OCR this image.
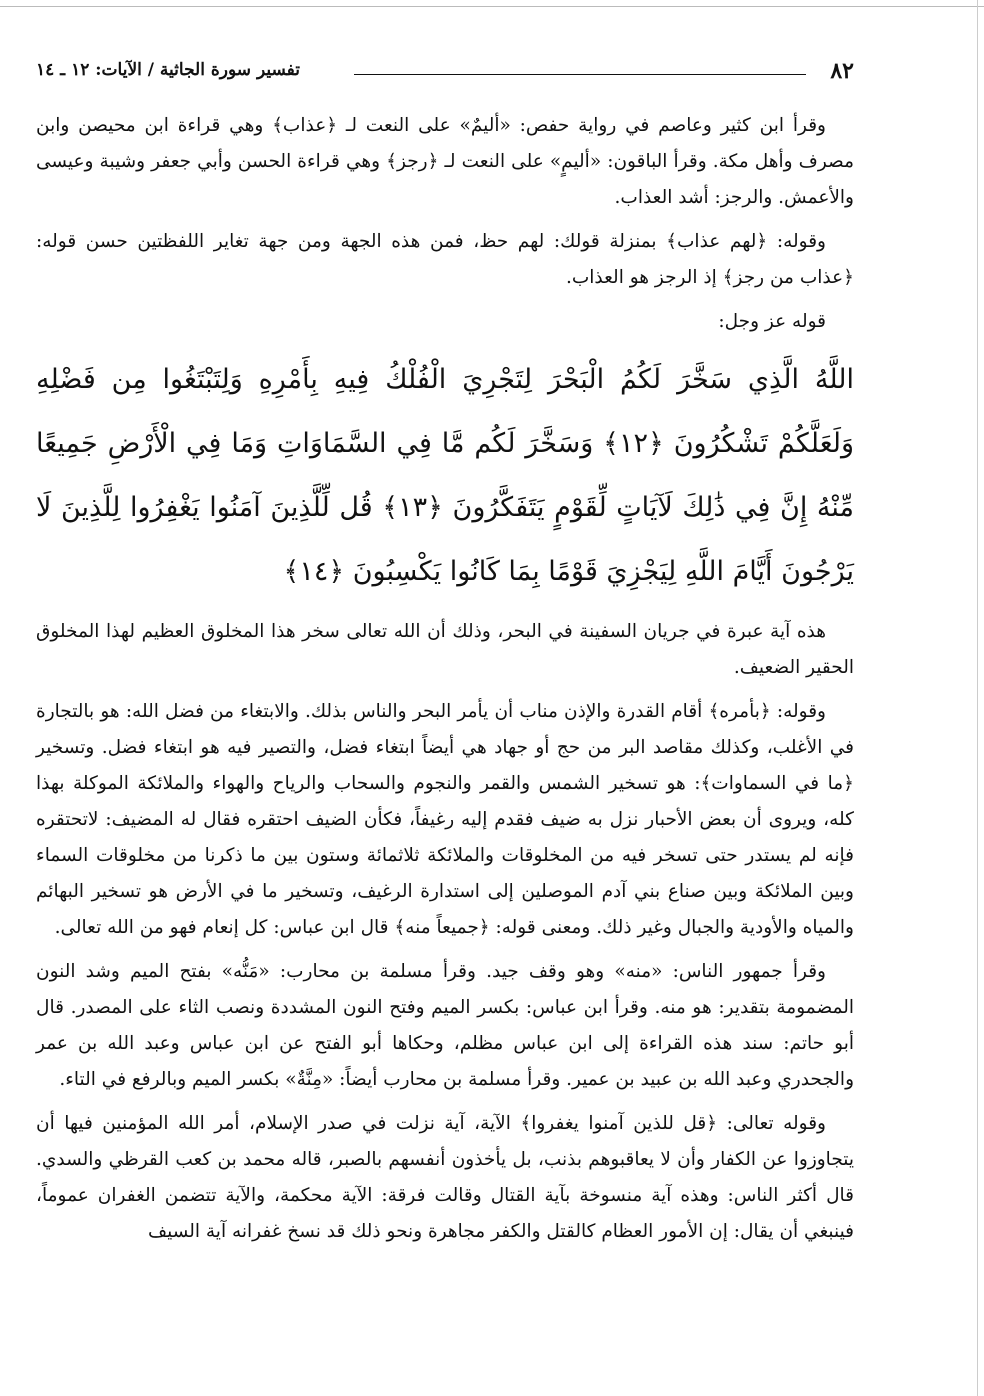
٨٢
تفسير سورة الجاثية / الآيات: ١٢ ـ ١٤

وقرأ ابن كثير وعاصم في رواية حفص: «أليمٌ» على النعت لـ ﴿عذاب﴾ وهي قراءة ابن محيصن وابن مصرف وأهل مكة. وقرأ الباقون: «أليمٍ» على النعت لـ ﴿رجز﴾ وهي قراءة الحسن وأبي جعفر وشيبة وعيسى والأعمش. والرجز: أشد العذاب.

وقوله: ﴿لهم عذاب﴾ بمنزلة قولك: لهم حظ، فمن هذه الجهة ومن جهة تغاير اللفظتين حسن قوله: ﴿عذاب من رجز﴾ إذ الرجز هو العذاب.

قوله عز وجل:

اللَّهُ الَّذِي سَخَّرَ لَكُمُ الْبَحْرَ لِتَجْرِيَ الْفُلْكُ فِيهِ بِأَمْرِهِ وَلِتَبْتَغُوا مِن فَضْلِهِ وَلَعَلَّكُمْ تَشْكُرُونَ ﴿١٢﴾ وَسَخَّرَ لَكُم مَّا فِي السَّمَاوَاتِ وَمَا فِي الْأَرْضِ جَمِيعًا مِّنْهُ إِنَّ فِي ذَٰلِكَ لَآيَاتٍ لِّقَوْمٍ يَتَفَكَّرُونَ ﴿١٣﴾ قُل لِّلَّذِينَ آمَنُوا يَغْفِرُوا لِلَّذِينَ لَا يَرْجُونَ أَيَّامَ اللَّهِ لِيَجْزِيَ قَوْمًا بِمَا كَانُوا يَكْسِبُونَ ﴿١٤﴾

هذه آية عبرة في جريان السفينة في البحر، وذلك أن الله تعالى سخر هذا المخلوق العظيم لهذا المخلوق الحقير الضعيف.

وقوله: ﴿بأمره﴾ أقام القدرة والإذن مناب أن يأمر البحر والناس بذلك. والابتغاء من فضل الله: هو بالتجارة في الأغلب، وكذلك مقاصد البر من حج أو جهاد هي أيضاً ابتغاء فضل، والتصير فيه هو ابتغاء فضل. وتسخير ﴿ما في السماوات﴾: هو تسخير الشمس والقمر والنجوم والسحاب والرياح والهواء والملائكة الموكلة بهذا كله، ويروى أن بعض الأحبار نزل به ضيف فقدم إليه رغيفاً، فكأن الضيف احتقره فقال له المضيف: لاتحتقره فإنه لم يستدر حتى تسخر فيه من المخلوقات والملائكة ثلاثمائة وستون بين ما ذكرنا من مخلوقات السماء وبين الملائكة وبين صناع بني آدم الموصلين إلى استدارة الرغيف، وتسخير ما في الأرض هو تسخير البهائم والمياه والأودية والجبال وغير ذلك. ومعنى قوله: ﴿جميعاً منه﴾ قال ابن عباس: كل إنعام فهو من الله تعالى.

وقرأ جمهور الناس: «منه» وهو وقف جيد. وقرأ مسلمة بن محارب: «مَنُّه» بفتح الميم وشد النون المضمومة بتقدير: هو منه. وقرأ ابن عباس: بكسر الميم وفتح النون المشددة ونصب الثاء على المصدر. قال أبو حاتم: سند هذه القراءة إلى ابن عباس مظلم، وحكاها أبو الفتح عن ابن عباس وعبد الله بن عمر والجحدري وعبد الله بن عبيد بن عمير. وقرأ مسلمة بن محارب أيضاً: «مِنَّةٌ» بكسر الميم وبالرفع في التاء.

وقوله تعالى: ﴿قل للذين آمنوا يغفروا﴾ الآية، آية نزلت في صدر الإسلام، أمر الله المؤمنين فيها أن يتجاوزوا عن الكفار وأن لا يعاقبوهم بذنب، بل يأخذون أنفسهم بالصبر، قاله محمد بن كعب القرظي والسدي. قال أكثر الناس: وهذه آية منسوخة بآية القتال وقالت فرقة: الآية محكمة، والآية تتضمن الغفران عموماً، فينبغي أن يقال: إن الأمور العظام كالقتل والكفر مجاهرة ونحو ذلك قد نسخ غفرانه آية السيف
